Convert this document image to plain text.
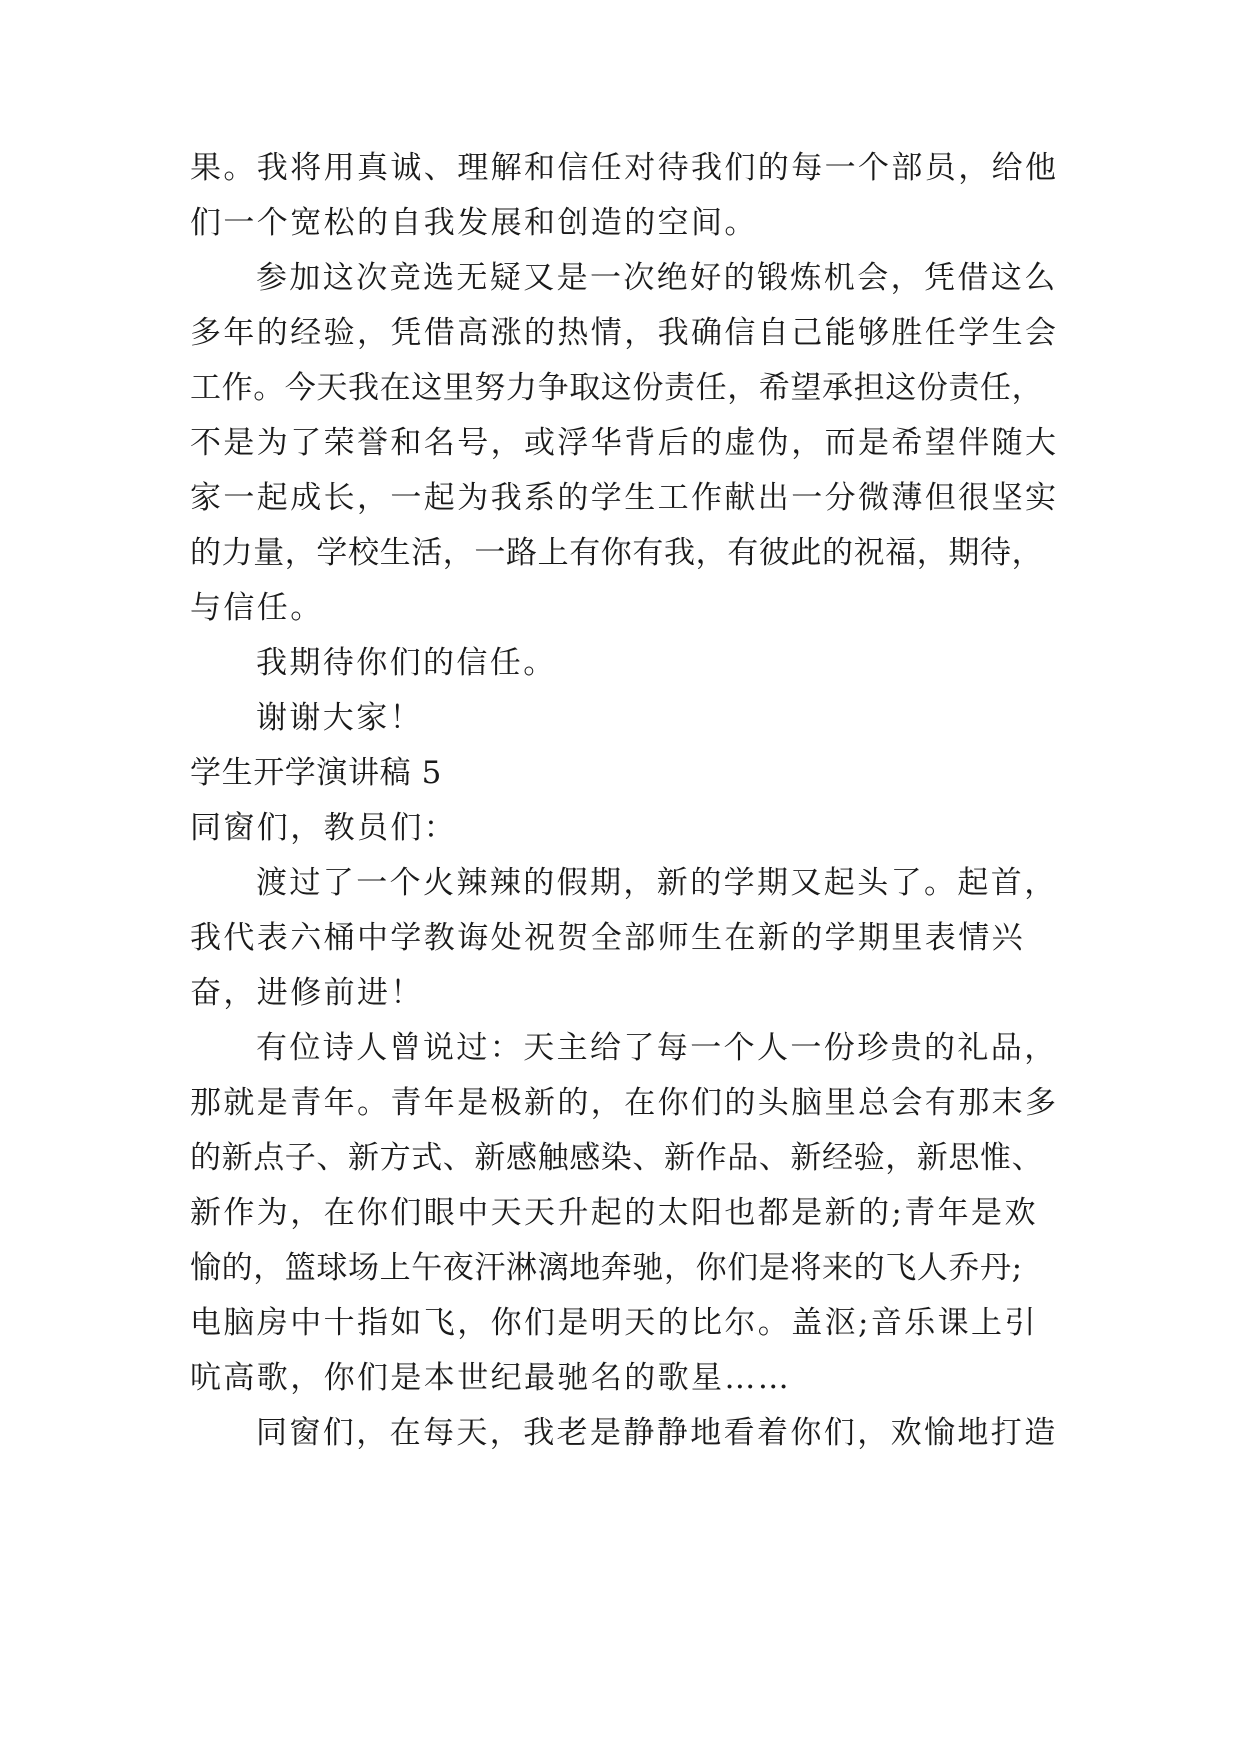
果。我将用真诚、理解和信任对待我们的每一个部员，给他
们一个宽松的自我发展和创造的空间。
参加这次竞选无疑又是一次绝好的锻炼机会，凭借这么
多年的经验，凭借高涨的热情，我确信自己能够胜任学生会
工作。今天我在这里努力争取这份责任，希望承担这份责任，
不是为了荣誉和名号，或浮华背后的虚伪，而是希望伴随大
家一起成长，一起为我系的学生工作献出一分微薄但很坚实
的力量，学校生活，一路上有你有我，有彼此的祝福，期待，
与信任。
我期待你们的信任。
谢谢大家！
学生开学演讲稿 5
同窗们，教员们：
渡过了一个火辣辣的假期，新的学期又起头了。起首，
我代表六桶中学教诲处祝贺全部师生在新的学期里表情兴
奋，进修前进！
有位诗人曾说过：天主给了每一个人一份珍贵的礼品，
那就是青年。青年是极新的，在你们的头脑里总会有那末多
的新点子、新方式、新感触感染、新作品、新经验，新思惟、
新作为，在你们眼中天天升起的太阳也都是新的;青年是欢
愉的，篮球场上午夜汗淋漓地奔驰，你们是将来的飞人乔丹;
电脑房中十指如飞，你们是明天的比尔。盖沤;音乐课上引
吭高歌，你们是本世纪最驰名的歌星……
同窗们，在每天，我老是静静地看着你们，欢愉地打造
